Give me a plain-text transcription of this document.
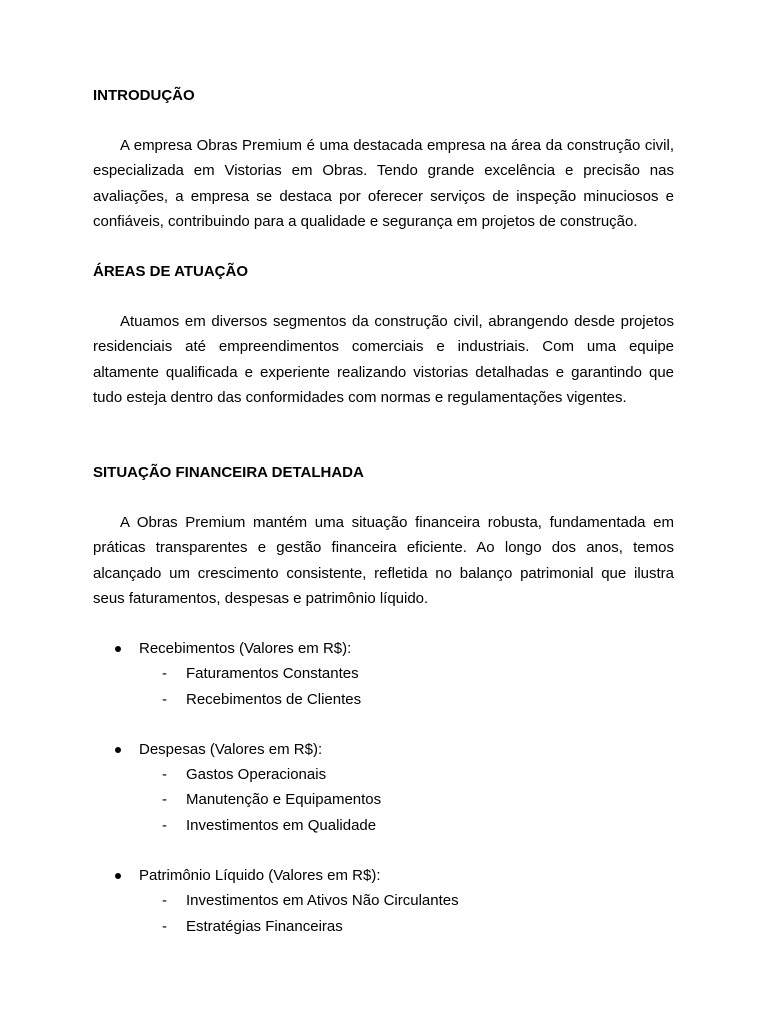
INTRODUÇÃO
A empresa Obras Premium é uma destacada empresa na área da construção civil, especializada em Vistorias em Obras. Tendo grande excelência e precisão nas avaliações, a empresa se destaca por oferecer serviços de inspeção minuciosos e confiáveis, contribuindo para a qualidade e segurança em projetos de construção.
ÁREAS DE ATUAÇÃO
Atuamos em diversos segmentos da construção civil, abrangendo desde projetos residenciais até empreendimentos comerciais e industriais. Com uma equipe altamente qualificada e experiente realizando vistorias detalhadas e garantindo que tudo esteja dentro das conformidades com normas e regulamentações vigentes.
SITUAÇÃO FINANCEIRA DETALHADA
A Obras Premium mantém uma situação financeira robusta, fundamentada em práticas transparentes e gestão financeira eficiente. Ao longo dos anos, temos alcançado um crescimento consistente, refletida no balanço patrimonial que ilustra seus faturamentos, despesas e patrimônio líquido.
Recebimentos (Valores em R$):
- Faturamentos Constantes
- Recebimentos de Clientes
Despesas (Valores em R$):
- Gastos Operacionais
- Manutenção e Equipamentos
- Investimentos em Qualidade
Patrimônio Líquido (Valores em R$):
- Investimentos em Ativos Não Circulantes
- Estratégias Financeiras
